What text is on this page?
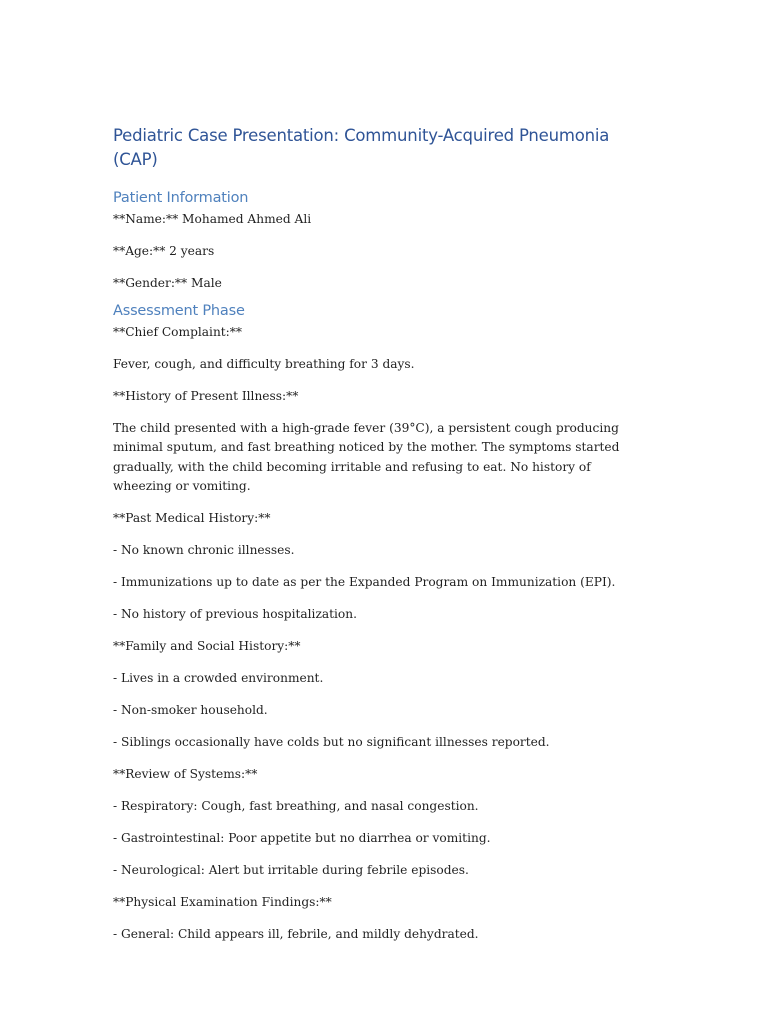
Pediatric Case Presentation: Community-Acquired Pneumonia (CAP)
Patient Information

**Name:** Mohamed Ahmed Ali

**Age:** 2 years

**Gender:** Male

Assessment Phase

**Chief Complaint:**

Fever, cough, and difficulty breathing for 3 days.

**History of Present Illness:**

The child presented with a high-grade fever (39°C), a persistent cough producing minimal sputum, and fast breathing noticed by the mother. The symptoms started gradually, with the child becoming irritable and refusing to eat. No history of wheezing or vomiting.

**Past Medical History:**

- No known chronic illnesses.

- Immunizations up to date as per the Expanded Program on Immunization (EPI).

- No history of previous hospitalization.

**Family and Social History:**

- Lives in a crowded environment.

- Non-smoker household.

- Siblings occasionally have colds but no significant illnesses reported.

**Review of Systems:**

- Respiratory: Cough, fast breathing, and nasal congestion.

- Gastrointestinal: Poor appetite but no diarrhea or vomiting.

- Neurological: Alert but irritable during febrile episodes.

**Physical Examination Findings:**

- General: Child appears ill, febrile, and mildly dehydrated.
